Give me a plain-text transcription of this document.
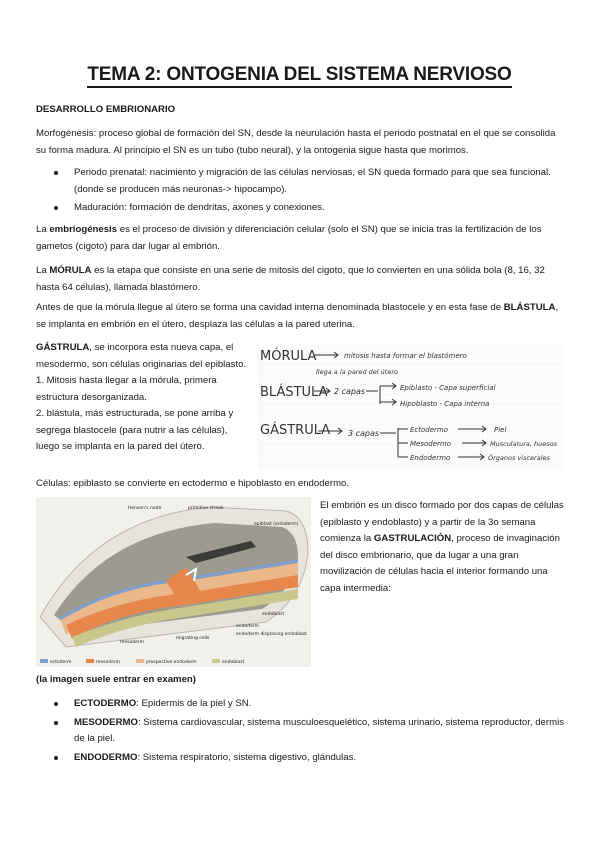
TEMA 2: ONTOGENIA DEL SISTEMA NERVIOSO
DESARROLLO EMBRIONARIO
Morfogénesis: proceso global de formación del SN, desde la neurulación hasta el periodo postnatal en el que se consolida su forma madura. Al principio el SN es un tubo (tubo neural), y la ontogenia sigue hasta que morimos.
Periodo prenatal: nacimiento y migración de las células nerviosas, el SN queda formado para que sea funcional. (donde se producen más neuronas-> hipocampo).
Maduración: formación de dendritas, axones y conexiones.
La embriogénesis es el proceso de división y diferenciación celular (solo el SN) que se inicia tras la fertilización de los gametos (cigoto) para dar lugar al embrión.
La MÓRULA es la etapa que consiste en una serie de mitosis del cigoto, que lo convierten en una sólida bola (8, 16, 32 hasta 64 células), llamada blastómero.
Antes de que la mórula llegue al útero se forma una cavidad interna denominada blastocele y en esta fase de BLÁSTULA, se implanta en embrión en el útero, desplaza las células a la pared uterina.
GÁSTRULA, se incorpora esta nueva capa, el mesodermo, son células originarias del epiblasto.
1. Mitosis hasta llegar a la mórula, primera estructura desorganizada.
2. blástula, más estructurada, se pone arriba y segrega blastocele (para nutrir a las células), luego se implanta en la pared del útero.
MÓRULA	mitosis hasta formar el blastómero
llega a la pared del útero
BLÁSTULA 2 capas	Epiblasto - Capa superficial
Hipoblasto - Capa interna
GÁSTRULA 3 capas	Ectodermo	Piel
Mesodermo	Musculatura, huesos
Endodermo	Órganos viscerales
Células: epiblasto se convierte en ectodermo e hipoblasto en endodermo.
Hensen's node	primitive streak
epiblast (ectoderm)
endoblast
endoderm displacing endoblast
endoderm
migrating cells
mesoderm
ectoderm	mesoderm	prospective endoderm	endoblast
El embrión es un disco formado por dos capas de células (epiblasto y endoblasto) y a partir de la 3o semana comienza la GASTRULACIÓN, proceso de invaginación del disco embrionario, que da lugar a una gran movilización de células hacia el interior formando una capa intermedia:
(la imagen suele entrar en examen)
ECTODERMO: Epidermis de la piel y SN.
MESODERMO: Sistema cardiovascular, sistema musculoesquelético, sistema urinario, sistema reproductor, dermis de la piel.
ENDODERMO: Sistema respiratorio, sistema digestivo, glándulas.
